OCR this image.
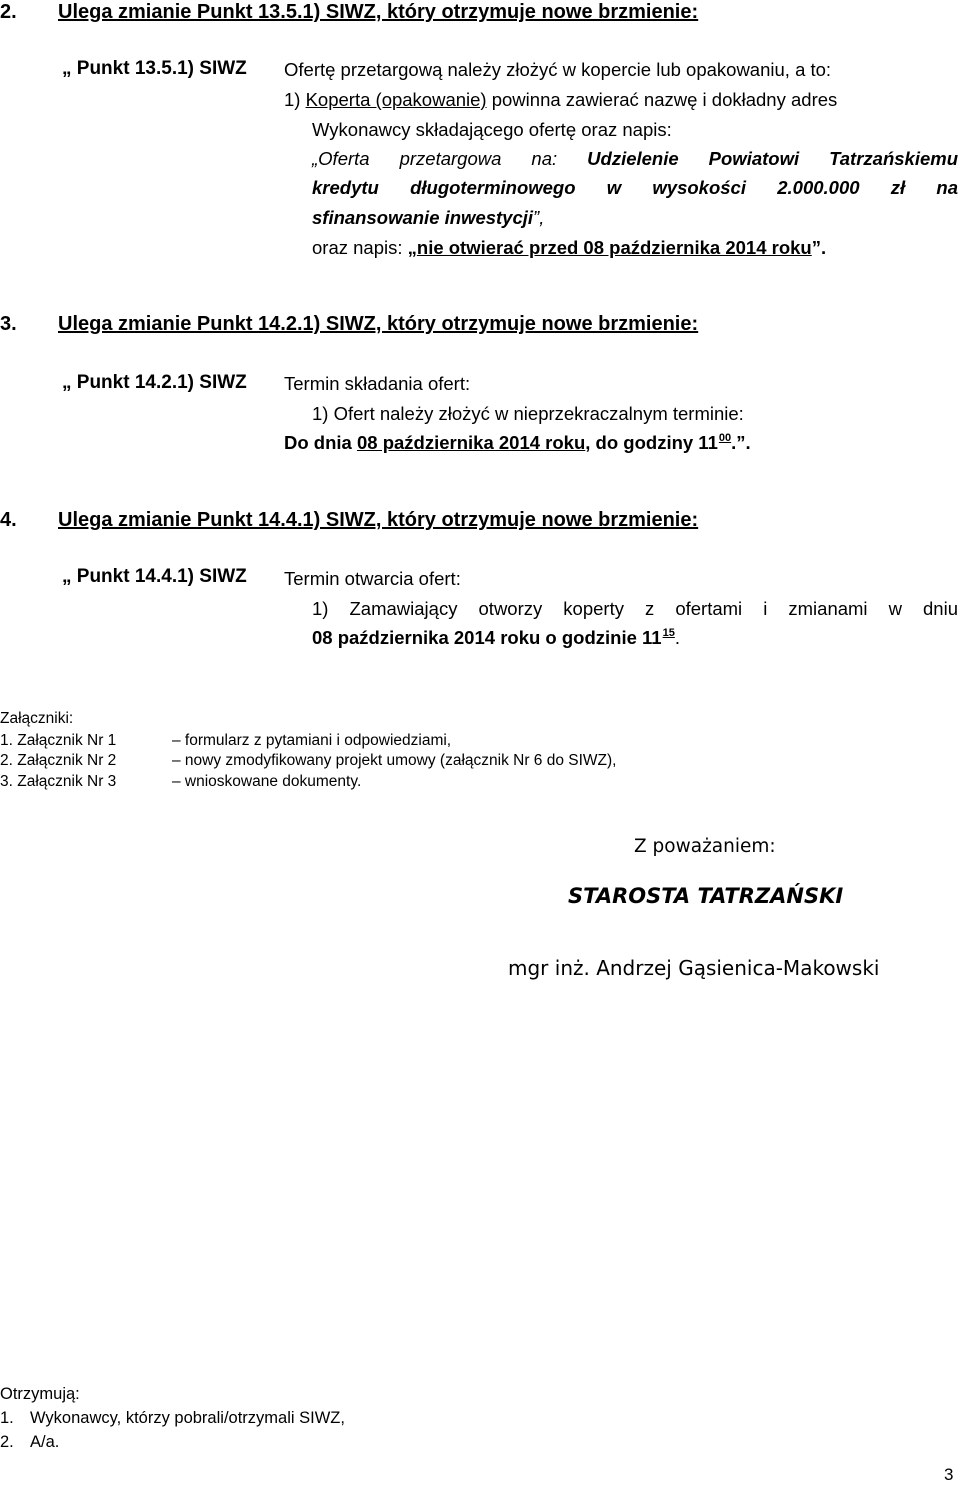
2. Ulega zmianie Punkt 13.5.1) SIWZ, który otrzymuje nowe brzmienie:
„ Punkt 13.5.1) SIWZ Ofertę przetargową należy złożyć w kopercie lub opakowaniu, a to:
1) Koperta (opakowanie) powinna zawierać nazwę i dokładny adres
Wykonawcy składającego ofertę oraz napis:
„Oferta przetargowa na: Udzielenie Powiatowi Tatrzańskiemu
kredytu długoterminowego w wysokości 2.000.000 zł na
sfinansowanie inwestycji”,
oraz napis: „nie otwierać przed 08 października 2014 roku”.
3. Ulega zmianie Punkt 14.2.1) SIWZ, który otrzymuje nowe brzmienie:
„ Punkt 14.2.1) SIWZ Termin składania ofert:
1) Ofert należy złożyć w nieprzekraczalnym terminie:
Do dnia 08 października 2014 roku, do godziny $11^{00}$.”.
4. Ulega zmianie Punkt 14.4.1) SIWZ, który otrzymuje nowe brzmienie:
„ Punkt 14.4.1) SIWZ Termin otwarcia ofert:
1) Zamawiający otworzy koperty z ofertami i zmianami w dniu
08 października 2014 roku o godzinie $11^{15}$.
Załączniki:
1. Załącznik Nr 1	– formularz z pytamiani i odpowiedziami,
2. Załącznik Nr 2	– nowy zmodyfikowany projekt umowy (załącznik Nr 6 do SIWZ),
3. Załącznik Nr 3	– wnioskowane dokumenty.
Z poważaniem:
STAROSTA TATRZAŃSKI
mgr inż. Andrzej Gąsienica-Makowski
Otrzymują:
1. Wykonawcy, którzy pobrali/otrzymali SIWZ,
2. A/a.
3
